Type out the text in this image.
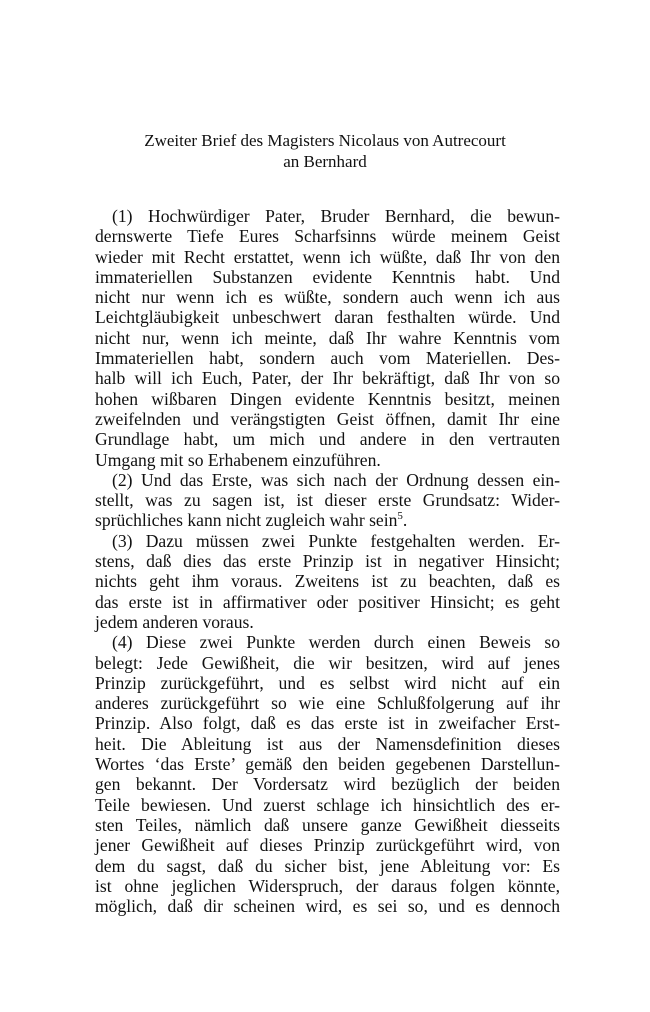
Zweiter Brief des Magisters Nicolaus von Autrecourt
an Bernhard
(1) Hochwürdiger Pater, Bruder Bernhard, die bewun-
dernswerte Tiefe Eures Scharfsinns würde meinem Geist
wieder mit Recht erstattet, wenn ich wüßte, daß Ihr von den
immateriellen Substanzen evidente Kenntnis habt. Und
nicht nur wenn ich es wüßte, sondern auch wenn ich aus
Leichtgläubigkeit unbeschwert daran festhalten würde. Und
nicht nur, wenn ich meinte, daß Ihr wahre Kenntnis vom
Immateriellen habt, sondern auch vom Materiellen. Des-
halb will ich Euch, Pater, der Ihr bekräftigt, daß Ihr von so
hohen wißbaren Dingen evidente Kenntnis besitzt, meinen
zweifelnden und verängstigten Geist öffnen, damit Ihr eine
Grundlage habt, um mich und andere in den vertrauten
Umgang mit so Erhabenem einzuführen.
(2) Und das Erste, was sich nach der Ordnung dessen ein-
stellt, was zu sagen ist, ist dieser erste Grundsatz: Wider-
sprüchliches kann nicht zugleich wahr sein$^5$.
(3) Dazu müssen zwei Punkte festgehalten werden. Er-
stens, daß dies das erste Prinzip ist in negativer Hinsicht;
nichts geht ihm voraus. Zweitens ist zu beachten, daß es
das erste ist in affirmativer oder positiver Hinsicht; es geht
jedem anderen voraus.
(4) Diese zwei Punkte werden durch einen Beweis so
belegt: Jede Gewißheit, die wir besitzen, wird auf jenes
Prinzip zurückgeführt, und es selbst wird nicht auf ein
anderes zurückgeführt so wie eine Schlußfolgerung auf ihr
Prinzip. Also folgt, daß es das erste ist in zweifacher Erst-
heit. Die Ableitung ist aus der Namensdefinition dieses
Wortes ‘das Erste’ gemäß den beiden gegebenen Darstellun-
gen bekannt. Der Vordersatz wird bezüglich der beiden
Teile bewiesen. Und zuerst schlage ich hinsichtlich des er-
sten Teiles, nämlich daß unsere ganze Gewißheit diesseits
jener Gewißheit auf dieses Prinzip zurückgeführt wird, von
dem du sagst, daß du sicher bist, jene Ableitung vor: Es
ist ohne jeglichen Widerspruch, der daraus folgen könnte,
möglich, daß dir scheinen wird, es sei so, und es dennoch
